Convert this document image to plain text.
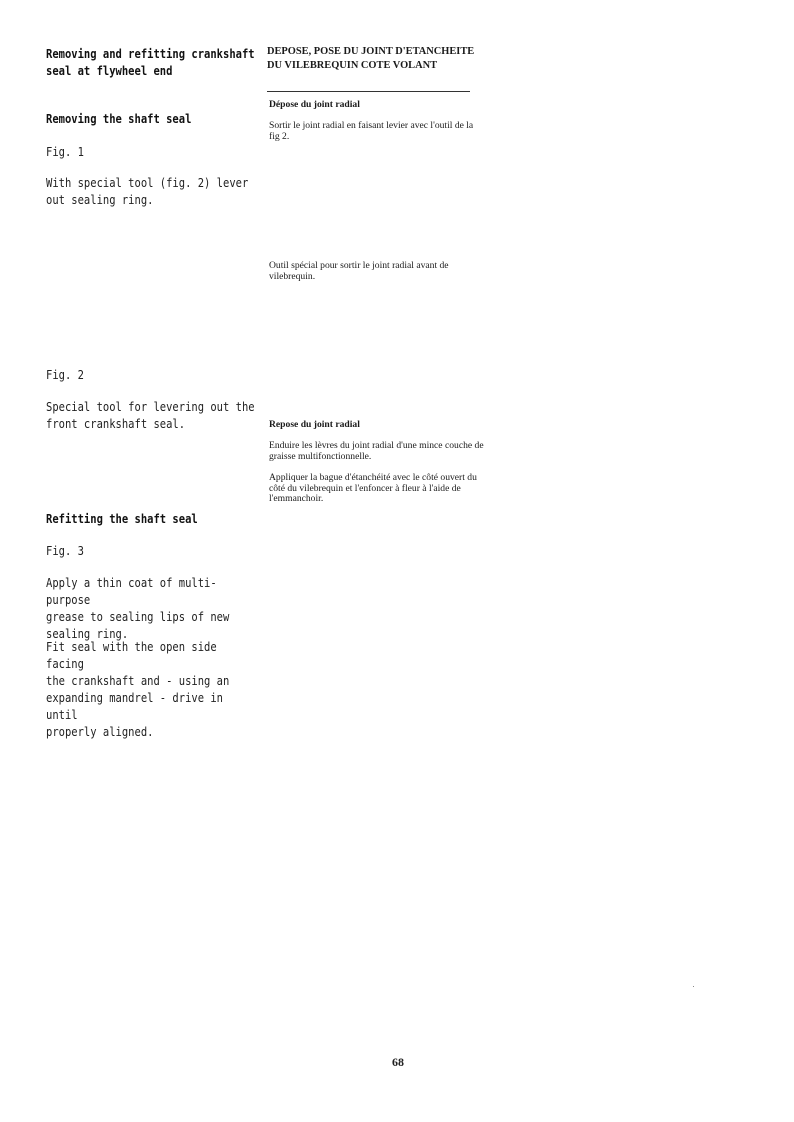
Removing and refitting crankshaft
seal at flywheel end
Removing the shaft seal
Fig. 1
With special tool (fig. 2) lever
out sealing ring.
Fig. 2
Special tool for levering out the
front crankshaft seal.
Refitting the shaft seal
Fig. 3
Apply a thin coat of multi-purpose
grease to sealing lips of new
sealing ring.
Fit seal with the open side facing
the crankshaft and - using an
expanding mandrel - drive in until
properly aligned.
DEPOSE, POSE DU JOINT D'ETANCHEITE
DU VILEBREQUIN COTE VOLANT
Dépose du joint radial
Sortir le joint radial en faisant levier avec l'outil de la fig 2.
Outil spécial pour sortir le joint radial avant de vilebrequin.
Repose du joint radial
Enduire les lèvres du joint radial d'une mince couche de graisse multifonctionnelle.
Appliquer la bague d'étanchéité avec le côté ouvert du côté du vilebrequin et l'enfoncer à fleur à l'aide de l'emmanchoir.
68
